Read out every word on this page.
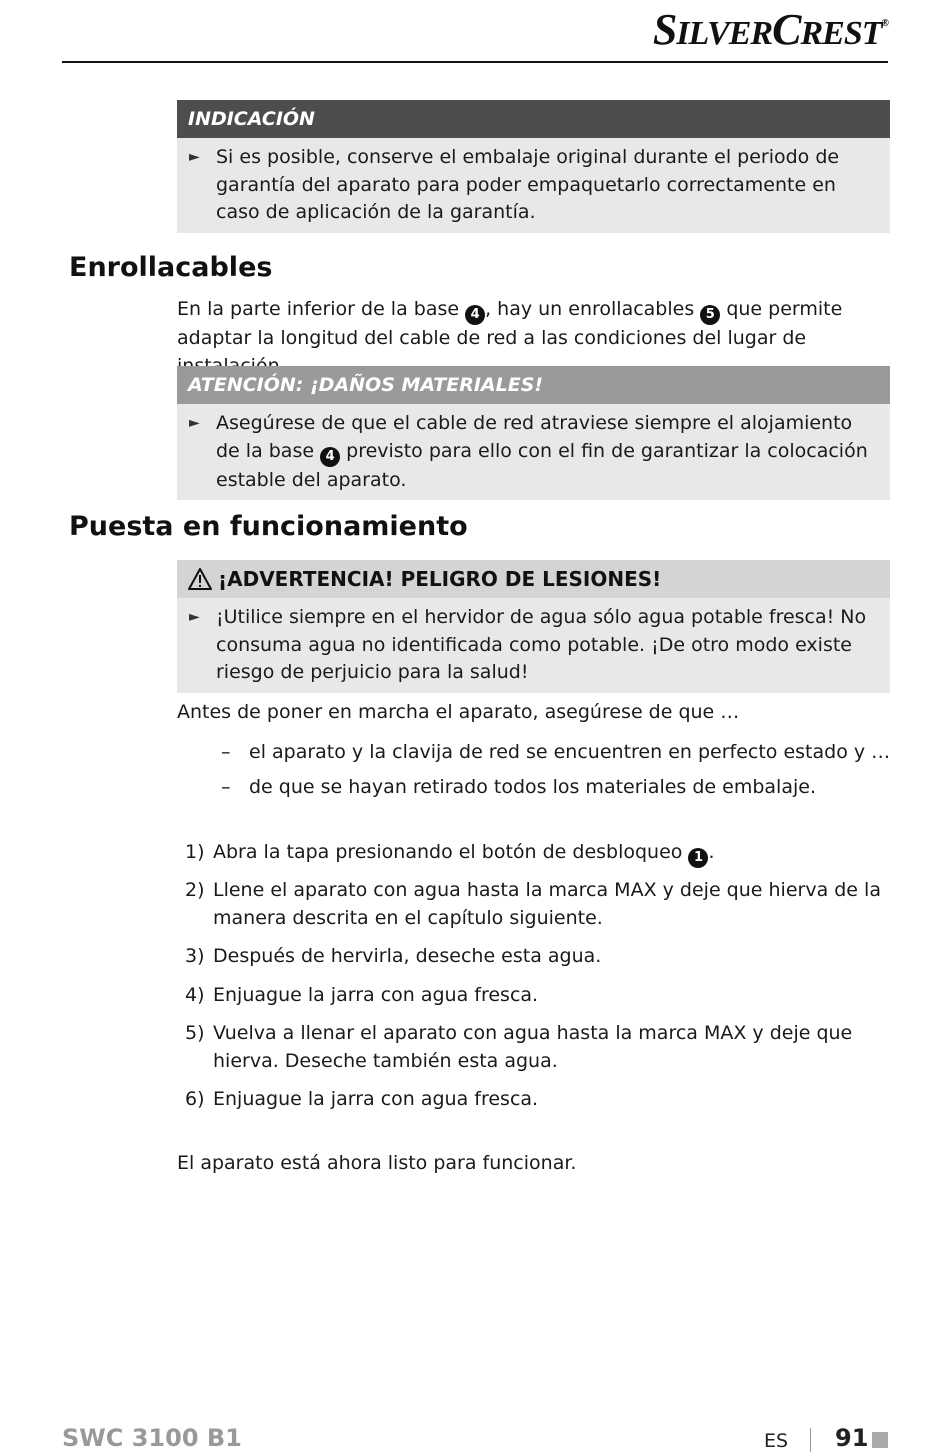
SILVERCREST®
INDICACIÓN
► Si es posible, conserve el embalaje original durante el periodo de garantía del aparato para poder empaquetarlo correctamente en caso de aplicación de la garantía.
Enrollacables

En la parte inferior de la base 4 , hay un enrollacables 5 que permite adaptar la longitud del cable de red a las condiciones del lugar de

ATENCIÓN: ¡DAÑOS MATERIALES!
► Asegúrese de que el cable de red atraviese siempre el alojamiento de la base 4 previsto para ello con el fin de garantizar la colocación estable del aparato.
Puesta en funcionamiento
¡ADVERTENCIA! PELIGRO DE LESIONES!
► ¡Utilice siempre en el hervidor de agua sólo agua potable fresca! No consuma agua no identificada como potable. ¡De otro modo existe riesgo de perjuicio para la salud!

Antes de poner en marcha el aparato, asegúrese de que …

– el aparato y la clavija de red se encuentren en perfecto estado y …
– de que se hayan retirado todos los materiales de embalaje.
1) Abra la tapa presionando el botón de desbloqueo 1 .
2) Llene el aparato con agua hasta la marca MAX y deje que hierva de la manera descrita en el capítulo siguiente.
3) Después de hervirla, deseche esta agua.
4) Enjuague la jarra con agua fresca.
5) Vuelva a llenar el aparato con agua hasta la marca MAX y deje que hierva. Deseche también esta agua.
6) Enjuague la jarra con agua fresca.

El aparato está ahora listo para funcionar.

SWC 3100 B1	ES 91
